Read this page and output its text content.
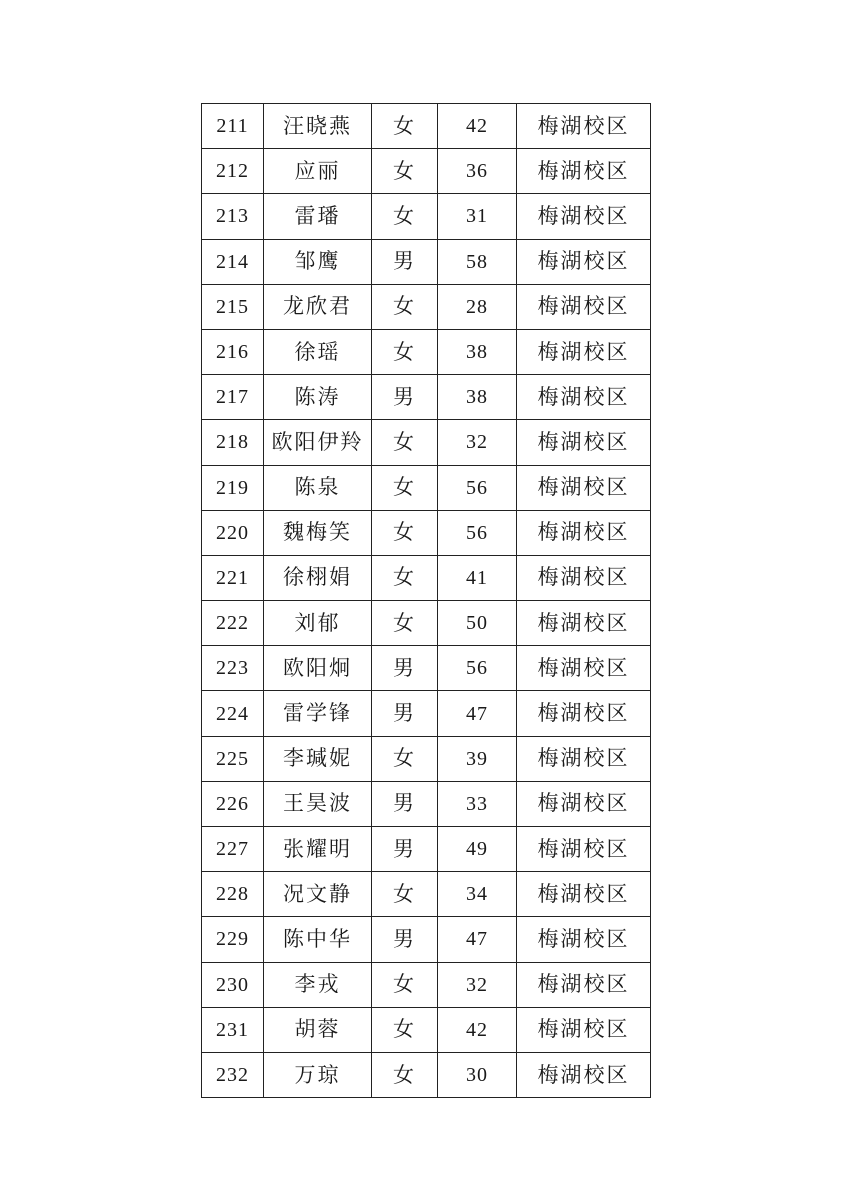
211	汪晓燕	女	42	梅湖校区
212	应丽	女	36	梅湖校区
213	雷璠	女	31	梅湖校区
214	邹鹰	男	58	梅湖校区
215	龙欣君	女	28	梅湖校区
216	徐瑶	女	38	梅湖校区
217	陈涛	男	38	梅湖校区
218	欧阳伊羚	女	32	梅湖校区
219	陈泉	女	56	梅湖校区
220	魏梅笑	女	56	梅湖校区
221	徐栩娟	女	41	梅湖校区
222	刘郁	女	50	梅湖校区
223	欧阳炯	男	56	梅湖校区
224	雷学锋	男	47	梅湖校区
225	李瑊妮	女	39	梅湖校区
226	王昊波	男	33	梅湖校区
227	张耀明	男	49	梅湖校区
228	况文静	女	34	梅湖校区
229	陈中华	男	47	梅湖校区
230	李戎	女	32	梅湖校区
231	胡蓉	女	42	梅湖校区
232	万琼	女	30	梅湖校区
